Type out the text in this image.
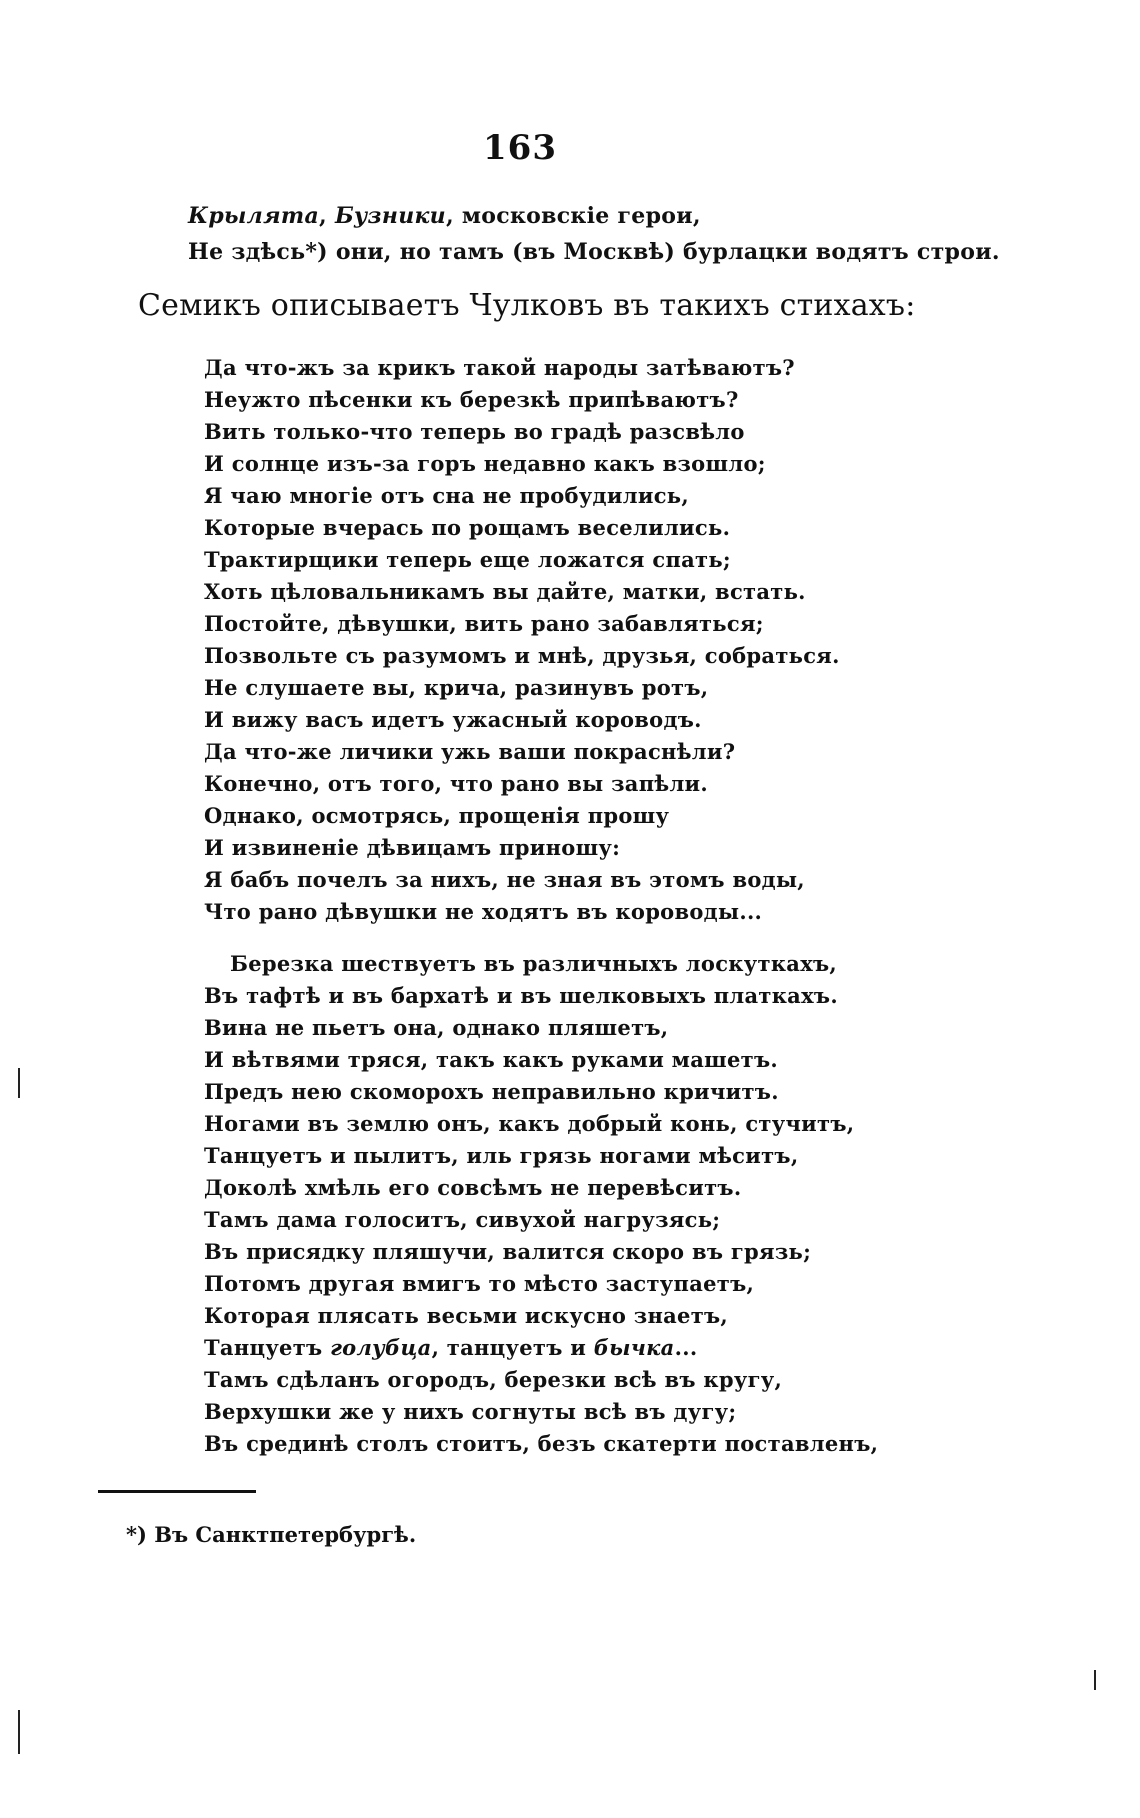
163
Крылята, Бузники, московскіе герои,
Не здѣсь*) они, но тамъ (въ Москвѣ) бурлацки водятъ строи.
Семикъ описываетъ Чулковъ въ такихъ стихахъ:
Да что-жъ за крикъ такой народы затѣваютъ?
Неужто пѣсенки къ березкѣ припѣваютъ?
Вить только-что теперь во градѣ разсвѣло
И солнце изъ-за горъ недавно какъ взошло;
Я чаю многіе отъ сна не пробудились,
Которые вчерась по рощамъ веселились.
Трактирщики теперь еще ложатся спать;
Хоть цѣловальникамъ вы дайте, матки, встать.
Постойте, дѣвушки, вить рано забавляться;
Позвольте съ разумомъ и мнѣ, друзья, собраться.
Не слушаете вы, крича, разинувъ ротъ,
И вижу васъ идетъ ужасный короводъ.
Да что-же личики ужь ваши покраснѣли?
Конечно, отъ того, что рано вы запѣли.
Однако, осмотрясь, прощенія прошу
И извиненіе дѣвицамъ приношу:
Я бабъ почелъ за нихъ, не зная въ этомъ воды,
Что рано дѣвушки не ходятъ въ короводы...
Березка шествуетъ въ различныхъ лоскуткахъ,
Въ тафтѣ и въ бархатѣ и въ шелковыхъ платкахъ.
Вина не пьетъ она, однако пляшетъ,
И вѣтвями тряся, такъ какъ руками машетъ.
Предъ нею скоморохъ неправильно кричитъ.
Ногами въ землю онъ, какъ добрый конь, стучитъ,
Танцуетъ и пылитъ, иль грязь ногами мѣситъ,
Доколѣ хмѣль его совсѣмъ не перевѣситъ.
Тамъ дама голоситъ, сивухой нагрузясь;
Въ присядку пляшучи, валится скоро въ грязь;
Потомъ другая вмигъ то мѣсто заступаетъ,
Которая плясать весьми искусно знаетъ,
Танцуетъ голубца, танцуетъ и бычка...
Тамъ сдѣланъ огородъ, березки всѣ въ кругу,
Верхушки же у нихъ согнуты всѣ въ дугу;
Въ срединѣ столъ стоитъ, безъ скатерти поставленъ,
*) Въ Санктпетербургѣ.
